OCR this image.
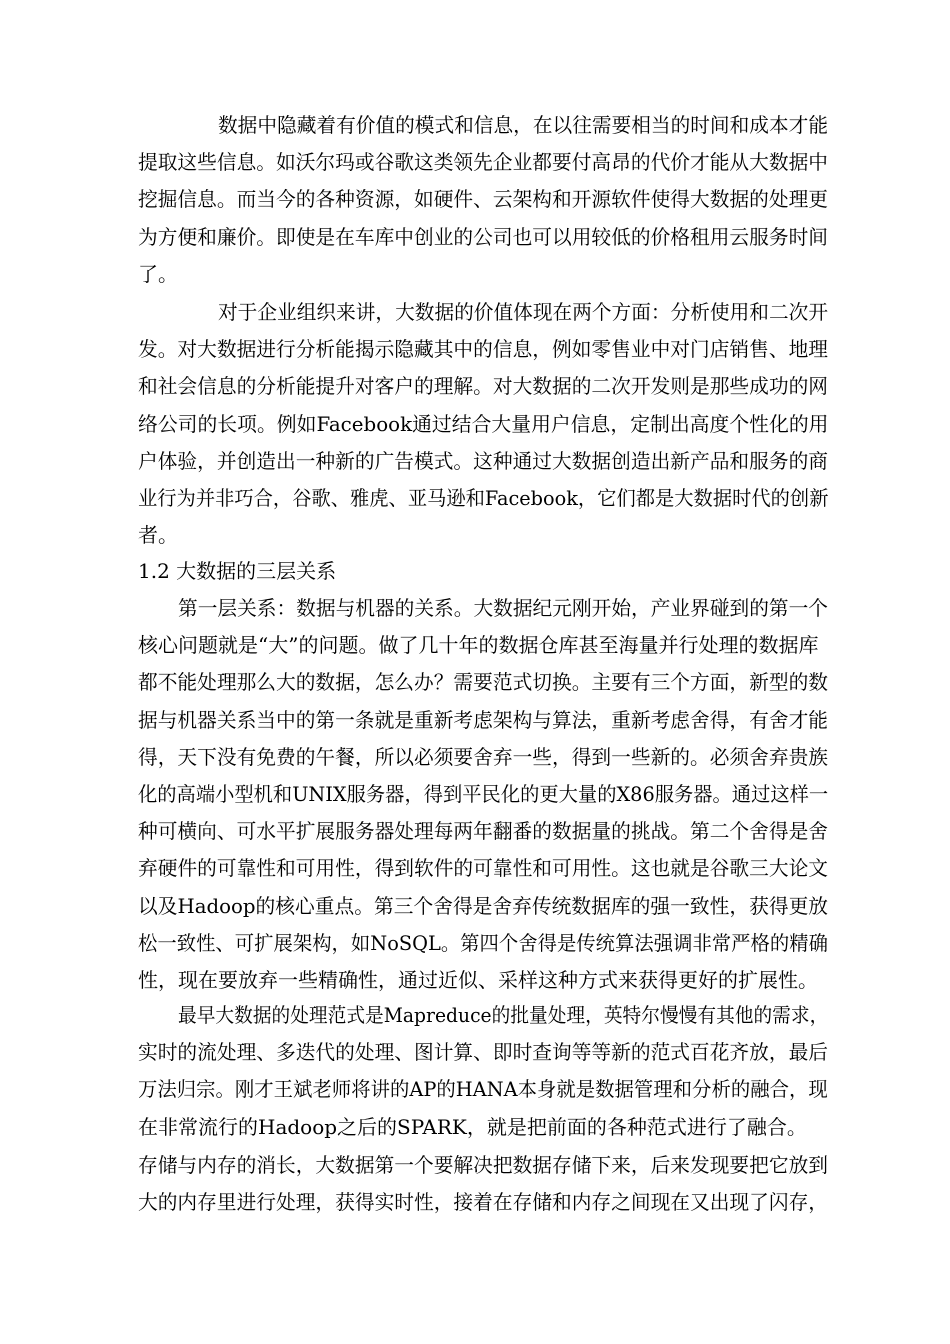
数据中隐藏着有价值的模式和信息，在以往需要相当的时间和成本才能
提取这些信息。如沃尔玛或谷歌这类领先企业都要付高昂的代价才能从大数据中
挖掘信息。而当今的各种资源，如硬件、云架构和开源软件使得大数据的处理更
为方便和廉价。即使是在车库中创业的公司也可以用较低的价格租用云服务时间
了。
对于企业组织来讲，大数据的价值体现在两个方面：分析使用和二次开
发。对大数据进行分析能揭示隐藏其中的信息，例如零售业中对门店销售、地理
和社会信息的分析能提升对客户的理解。对大数据的二次开发则是那些成功的网
络公司的长项。例如Facebook通过结合大量用户信息，定制出高度个性化的用
户体验，并创造出一种新的广告模式。这种通过大数据创造出新产品和服务的商
业行为并非巧合，谷歌、雅虎、亚马逊和Facebook，它们都是大数据时代的创新
者。
1.2 大数据的三层关系
第一层关系：数据与机器的关系。大数据纪元刚开始，产业界碰到的第一个
核心问题就是“大”的问题。做了几十年的数据仓库甚至海量并行处理的数据库
都不能处理那么大的数据，怎么办？需要范式切换。主要有三个方面，新型的数
据与机器关系当中的第一条就是重新考虑架构与算法，重新考虑舍得，有舍才能
得，天下没有免费的午餐，所以必须要舍弃一些，得到一些新的。必须舍弃贵族
化的高端小型机和UNIX服务器，得到平民化的更大量的X86服务器。通过这样一
种可横向、可水平扩展服务器处理每两年翻番的数据量的挑战。第二个舍得是舍
弃硬件的可靠性和可用性，得到软件的可靠性和可用性。这也就是谷歌三大论文
以及Hadoop的核心重点。第三个舍得是舍弃传统数据库的强一致性，获得更放
松一致性、可扩展架构，如NoSQL。第四个舍得是传统算法强调非常严格的精确
性，现在要放弃一些精确性，通过近似、采样这种方式来获得更好的扩展性。
最早大数据的处理范式是Mapreduce的批量处理，英特尔慢慢有其他的需求，
实时的流处理、多迭代的处理、图计算、即时查询等等新的范式百花齐放，最后
万法归宗。刚才王斌老师将讲的AP的HANA本身就是数据管理和分析的融合，现
在非常流行的Hadoop之后的SPARK，就是把前面的各种范式进行了融合。
存储与内存的消长，大数据第一个要解决把数据存储下来，后来发现要把它放到
大的内存里进行处理，获得实时性，接着在存储和内存之间现在又出现了闪存，
